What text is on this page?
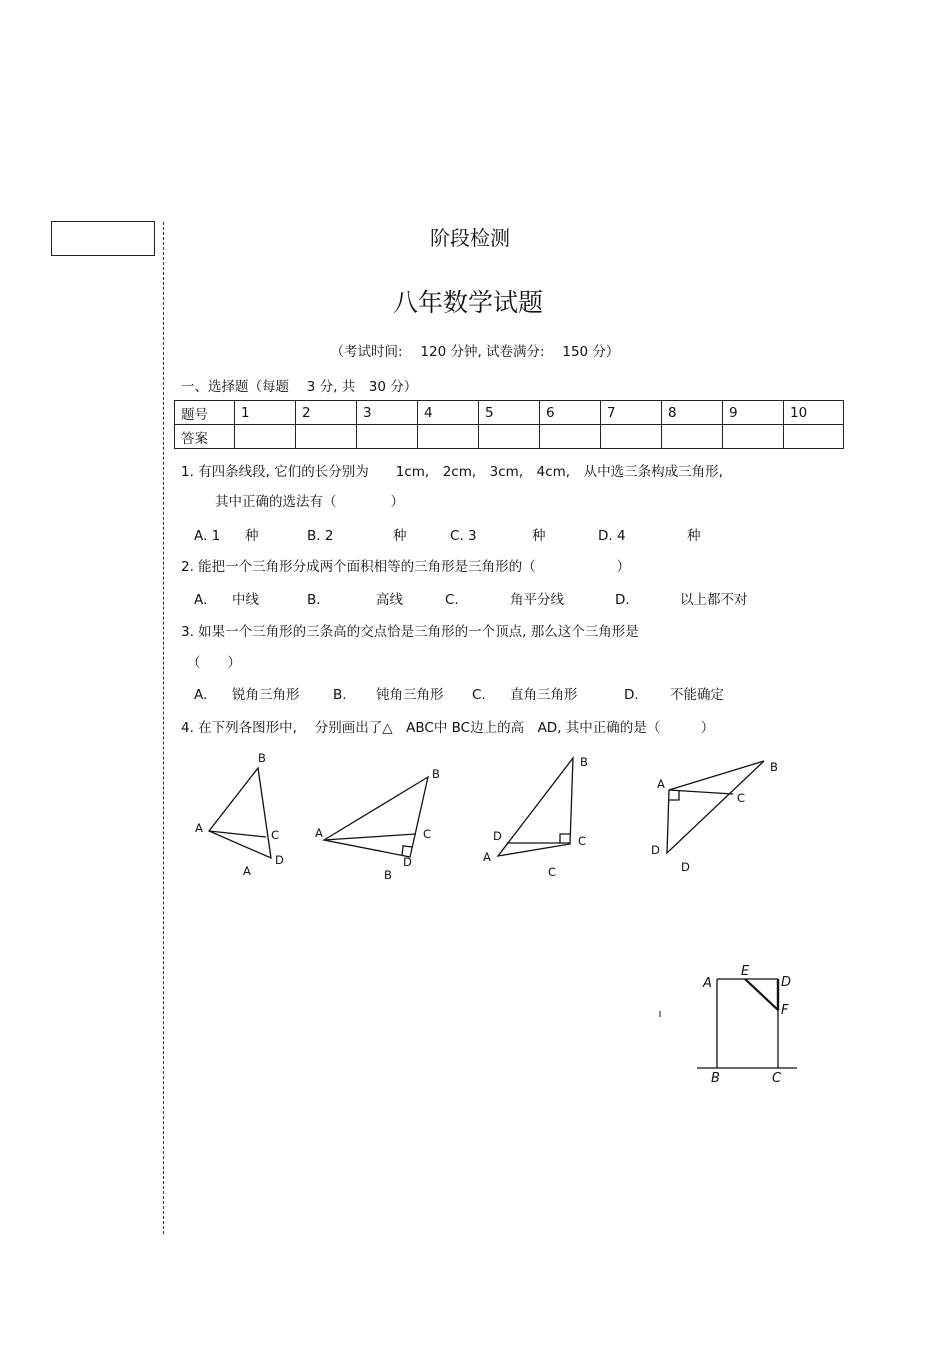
阶段检测
八年数学试题
（考试时间:　 120 分钟, 试卷满分:　 150 分）
一、选择题（每题　 3 分, 共　30 分）
题号	1	2	3	4	5	6	7	8	9	10
答案										
1. 有四条线段, 它们的长分别为　　1cm,　2cm,　3cm,　4cm,　从中选三条构成三角形,
其中正确的选法有（　　　　）
A. 1 种	B. 2	种	C. 3	种	D. 4	种
2. 能把一个三角形分成两个面积相等的三角形是三角形的（　　　　　　）
A. 中线	B.	高线	C.	角平分线	D.	以上都不对
3. 如果一个三角形的三条高的交点恰是三角形的一个顶点, 那么这个三角形是
（　　）
A. 锐角三角形 B. 钝角三角形 C. 直角三角形	D. 不能确定
4. 在下列各图形中,　 分别画出了△　ABC中 BC边上的高　AD, 其中正确的是（　　　）
B
A	C
D
A
B
A	C
D
B
B
D	C
A
C
A
B
C
D
D
A
E
D
F
B	C
